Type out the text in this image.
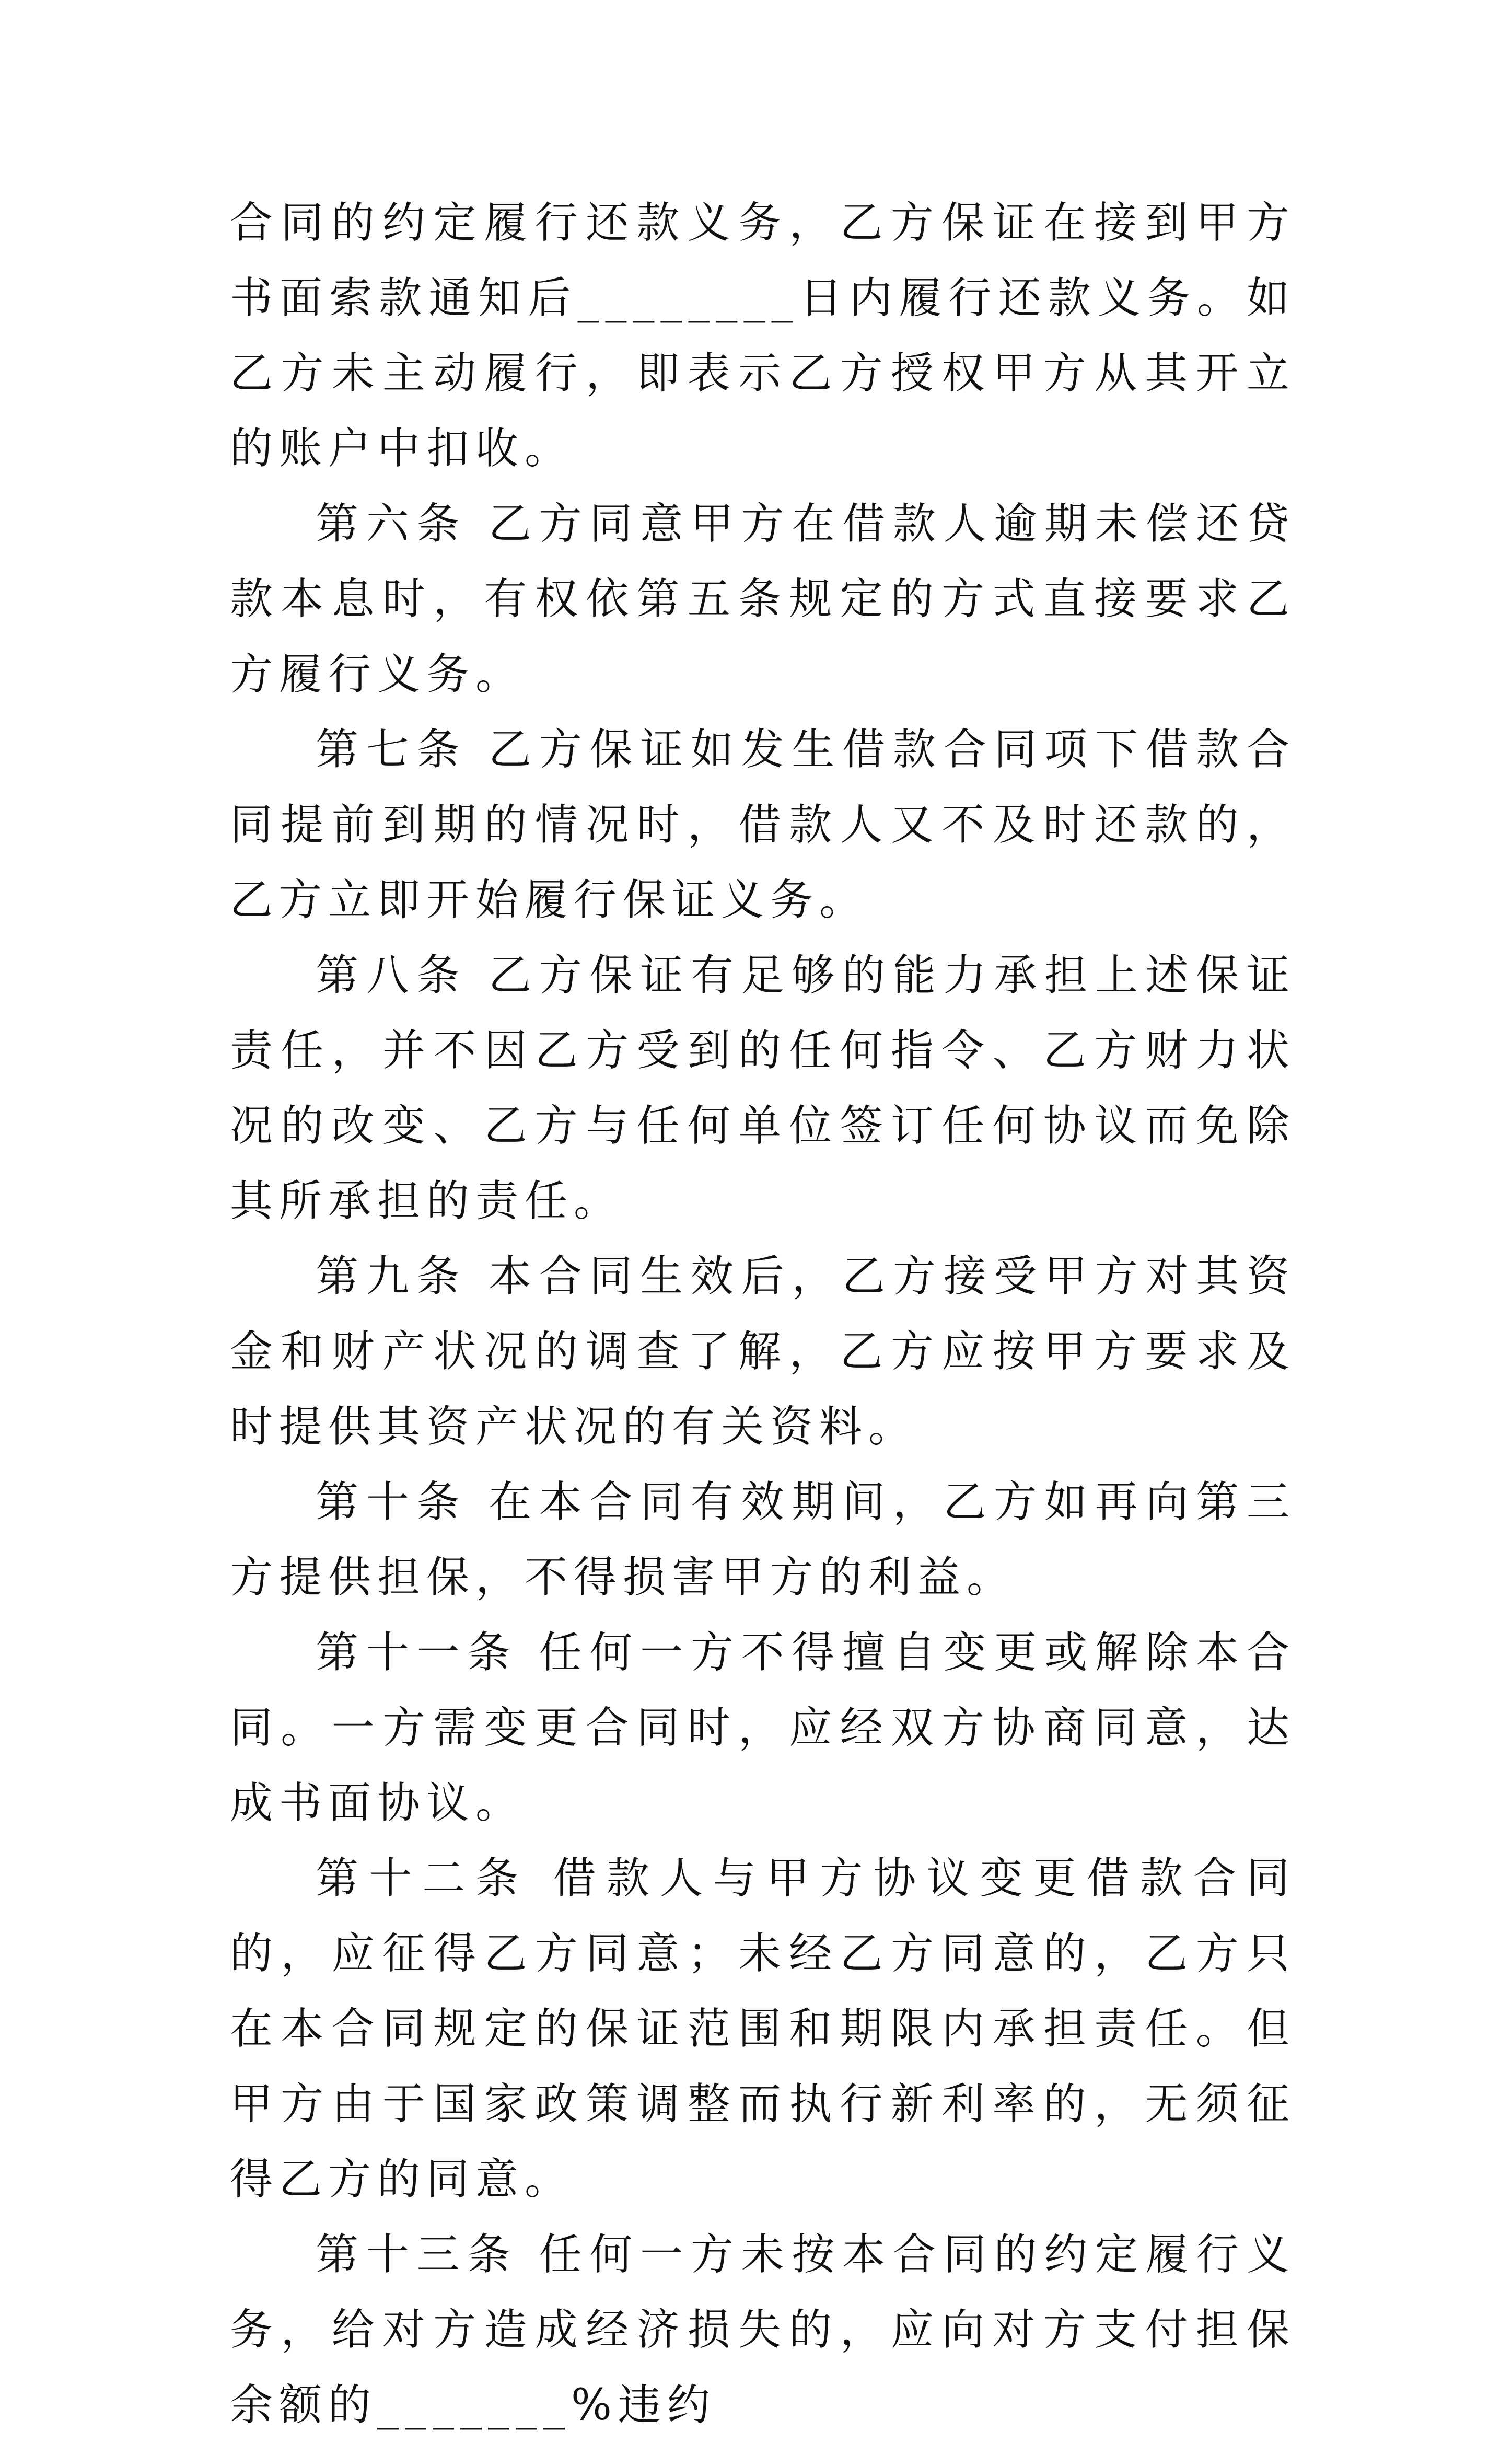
合同的约定履行还款义务，乙方保证在接到甲方书面索款通知后________日内履行还款义务。如乙方未主动履行，即表示乙方授权甲方从其开立的账户中扣收。

第六条 乙方同意甲方在借款人逾期未偿还贷款本息时，有权依第五条规定的方式直接要求乙方履行义务。

第七条 乙方保证如发生借款合同项下借款合同提前到期的情况时，借款人又不及时还款的，乙方立即开始履行保证义务。

第八条 乙方保证有足够的能力承担上述保证责任，并不因乙方受到的任何指令、乙方财力状况的改变、乙方与任何单位签订任何协议而免除其所承担的责任。

第九条 本合同生效后，乙方接受甲方对其资金和财产状况的调查了解，乙方应按甲方要求及时提供其资产状况的有关资料。

第十条 在本合同有效期间，乙方如再向第三方提供担保，不得损害甲方的利益。

第十一条 任何一方不得擅自变更或解除本合同。一方需变更合同时，应经双方协商同意，达成书面协议。

第十二条 借款人与甲方协议变更借款合同的，应征得乙方同意；未经乙方同意的，乙方只在本合同规定的保证范围和期限内承担责任。但甲方由于国家政策调整而执行新利率的，无须征得乙方的同意。

第十三条 任何一方未按本合同的约定履行义务，给对方造成经济损失的，应向对方支付担保余额的_______%违约
